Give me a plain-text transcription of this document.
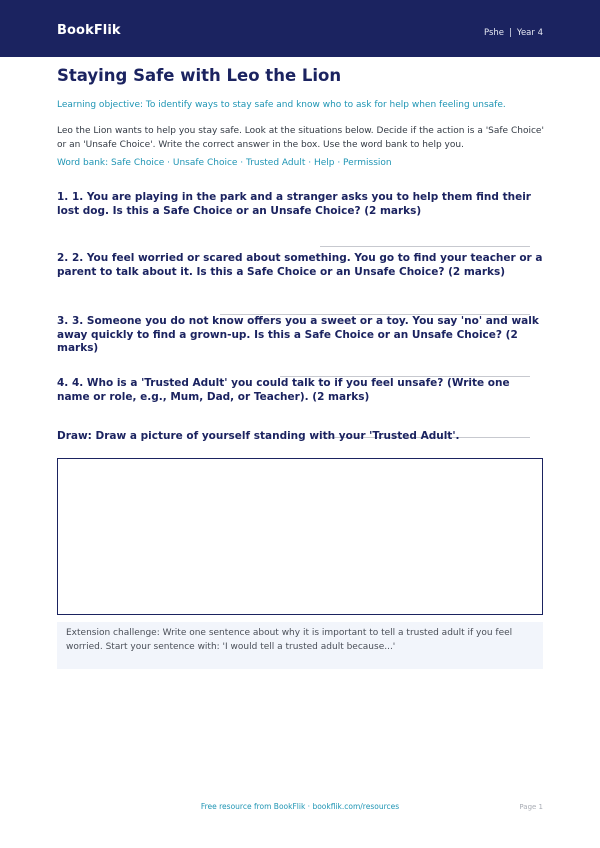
BookFlik	Pshe | Year 4
Staying Safe with Leo the Lion
Learning objective: To identify ways to stay safe and know who to ask for help when feeling unsafe.
Leo the Lion wants to help you stay safe. Look at the situations below. Decide if the action is a 'Safe Choice' or an 'Unsafe Choice'. Write the correct answer in the box. Use the word bank to help you.
Word bank: Safe Choice · Unsafe Choice · Trusted Adult · Help · Permission
1. 1. You are playing in the park and a stranger asks you to help them find their lost dog. Is this a Safe Choice or an Unsafe Choice? (2 marks)
2. 2. You feel worried or scared about something. You go to find your teacher or a parent to talk about it. Is this a Safe Choice or an Unsafe Choice? (2 marks)
3. 3. Someone you do not know offers you a sweet or a toy. You say 'no' and walk away quickly to find a grown-up. Is this a Safe Choice or an Unsafe Choice? (2 marks)
4. 4. Who is a 'Trusted Adult' you could talk to if you feel unsafe? (Write one name or role, e.g., Mum, Dad, or Teacher). (2 marks)
Draw: Draw a picture of yourself standing with your 'Trusted Adult'.
Extension challenge: Write one sentence about why it is important to tell a trusted adult if you feel worried. Start your sentence with: 'I would tell a trusted adult because...'
Free resource from BookFlik · bookflik.com/resources	Page 1
